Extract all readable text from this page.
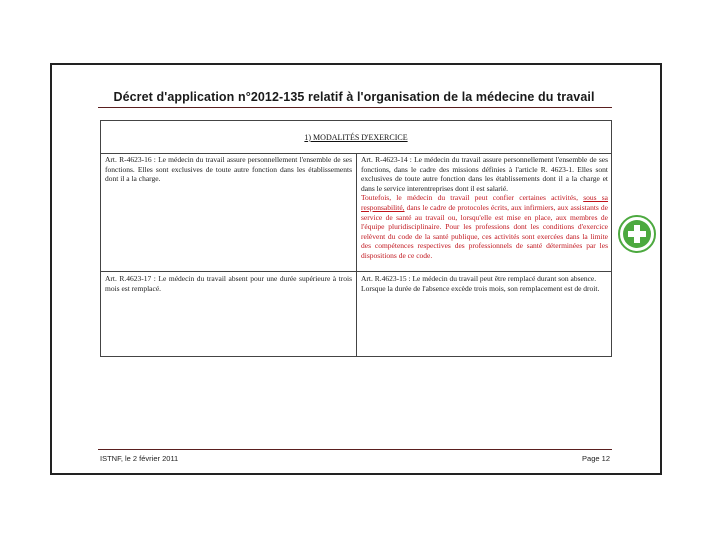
Décret d'application n°2012-135 relatif à l'organisation de la médecine du travail
1) MODALITÉS D'EXERCICE
Art. R-4623-16 : Le médecin du travail assure personnellement l'ensemble de ses fonctions. Elles sont exclusives de toute autre fonction dans les établissements dont il a la charge.
Art. R-4623-14 : Le médecin du travail assure personnellement l'ensemble de ses fonctions, dans le cadre des missions définies à l'article R. 4623-1. Elles sont exclusives de toute autre fonction dans les établissements dont il a la charge et dans le service interentreprises dont il est salarié.
Toutefois, le médecin du travail peut confier certaines activités, sous sa responsabilité, dans le cadre de protocoles écrits, aux infirmiers, aux assistants de service de santé au travail ou, lorsqu'elle est mise en place, aux membres de l'équipe pluridisciplinaire. Pour les professions dont les conditions d'exercice relèvent du code de la santé publique, ces activités sont exercées dans la limite des compétences respectives des professionnels de santé déterminées par les dispositions de ce code.
Art. R.4623-17 : Le médecin du travail absent pour une durée supérieure à trois mois est remplacé.
Art. R.4623-15 : Le médecin du travail peut être remplacé durant son absence.
Lorsque la durée de l'absence excède trois mois, son remplacement est de droit.
ISTNF, le 2 février 2011	Page 12
